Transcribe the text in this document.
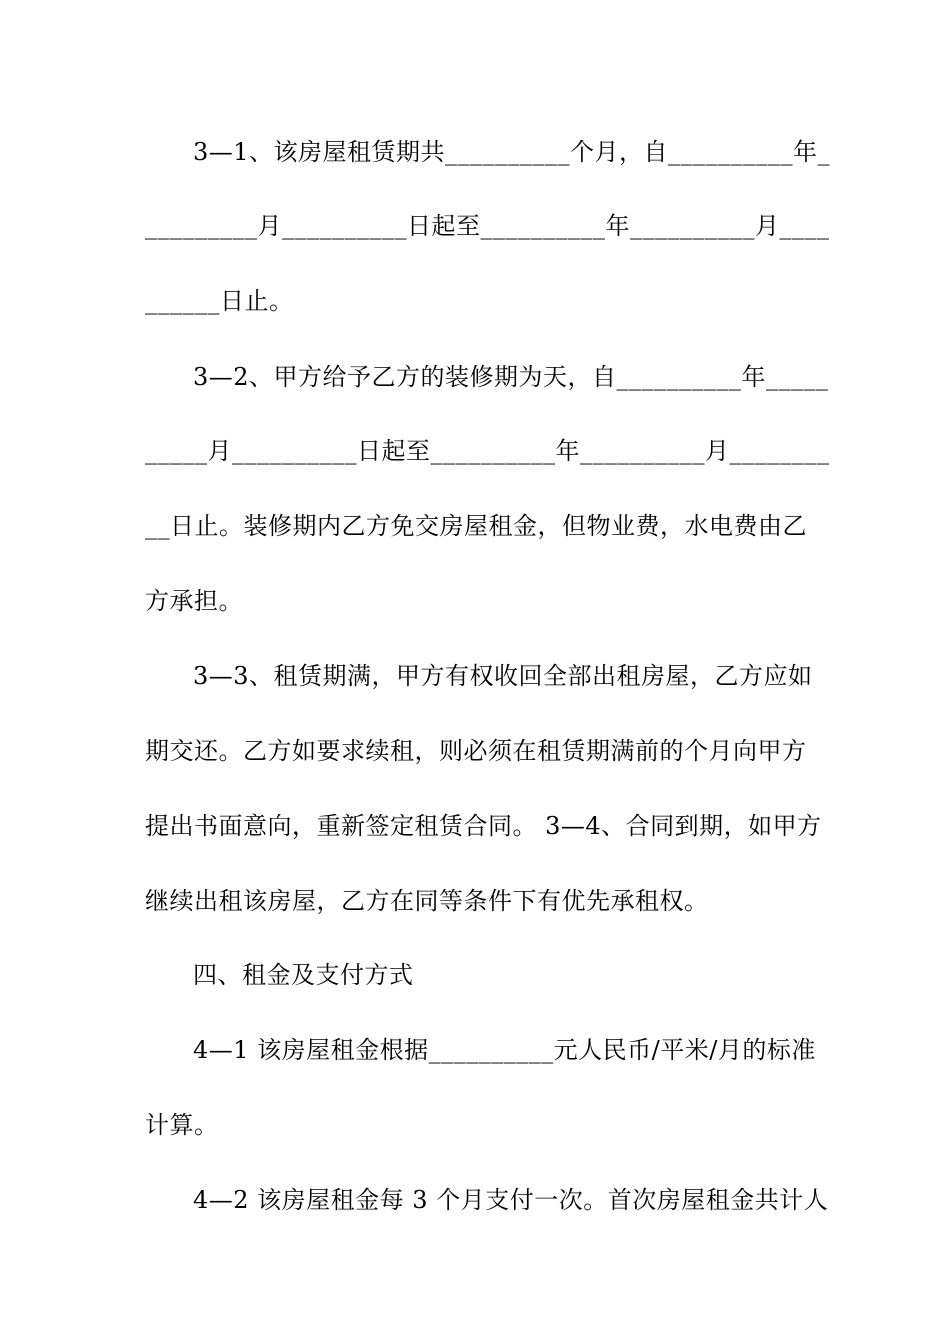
3—1、该房屋租赁期共__________个月，自__________年_
_________月__________日起至__________年__________月____
______日止。
3—2、甲方给予乙方的装修期为天，自__________年_____
_____月__________日起至__________年__________月________
__日止。装修期内乙方免交房屋租金，但物业费，水电费由乙
方承担。
3—3、租赁期满，甲方有权收回全部出租房屋，乙方应如
期交还。乙方如要求续租，则必须在租赁期满前的个月向甲方
提出书面意向，重新签定租赁合同。 3—4、合同到期，如甲方
继续出租该房屋，乙方在同等条件下有优先承租权。
四、租金及支付方式
4—1 该房屋租金根据__________元人民币/平米/月的标准
计算。
4—2 该房屋租金每 3 个月支付一次。首次房屋租金共计人
